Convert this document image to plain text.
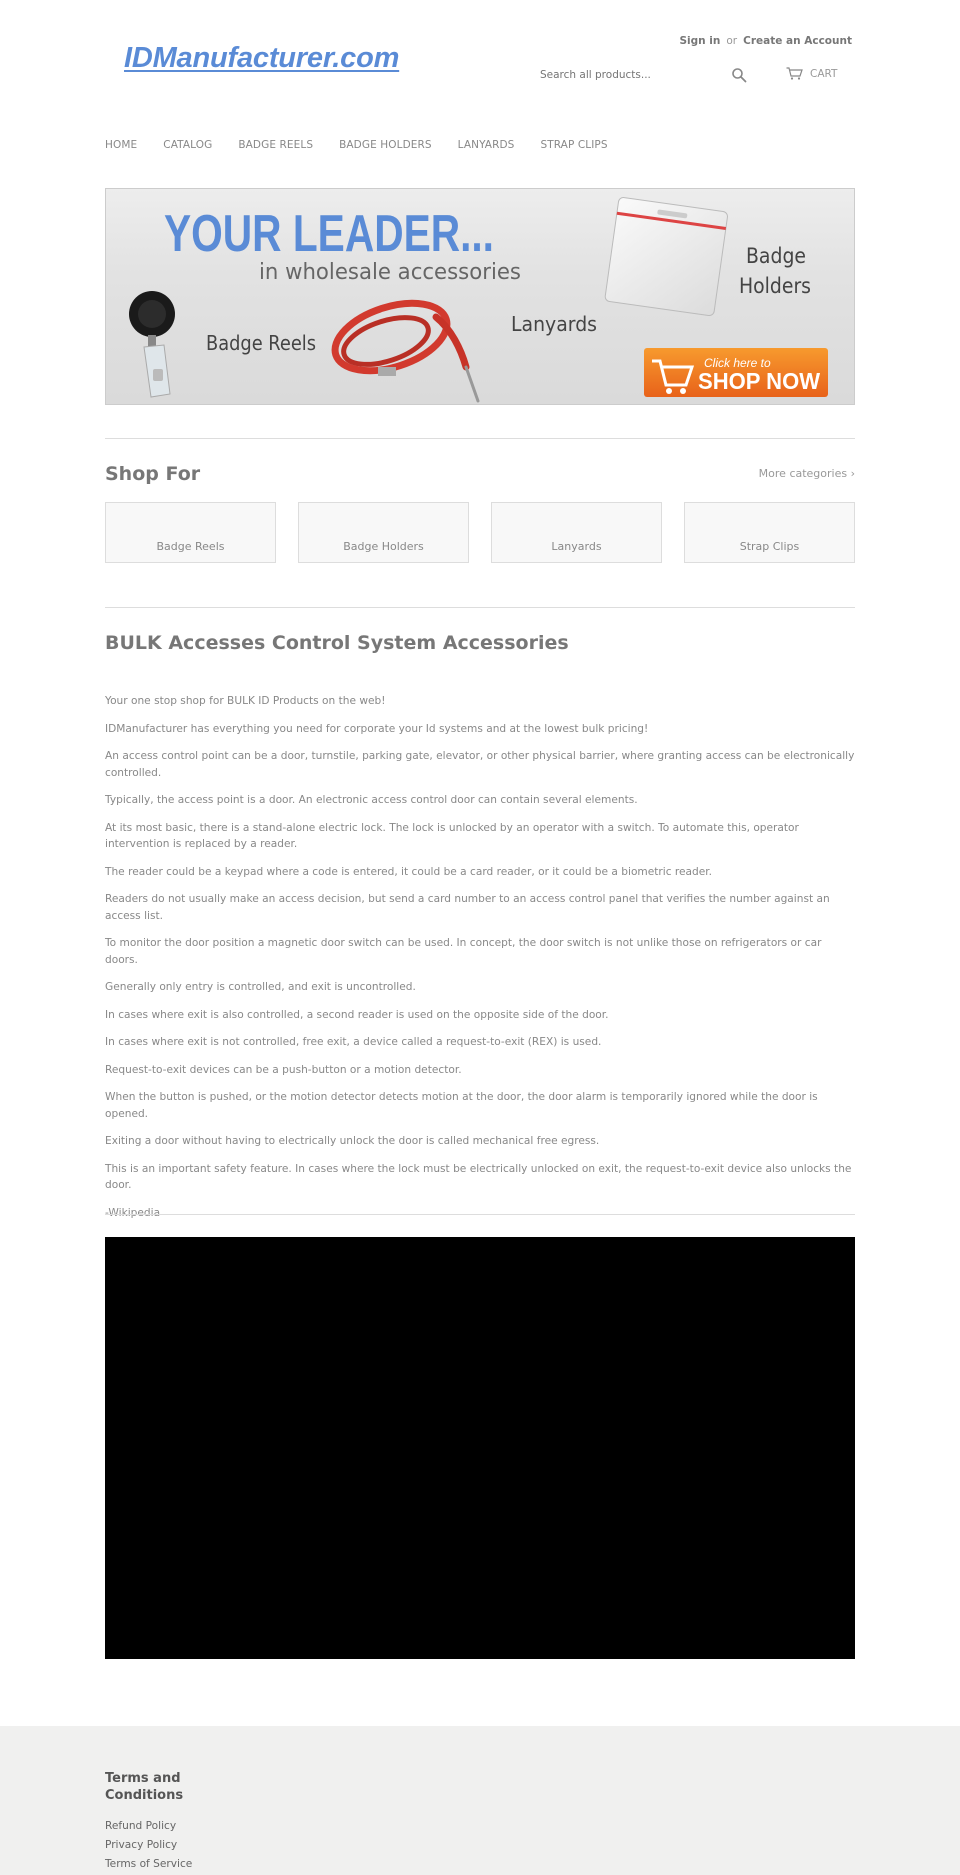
IDManufacturer.com
Sign in or Create an Account
Search all products...
CART
HOME CATALOG BADGE REELS BADGE HOLDERS LANYARDS STRAP CLIPS
YOUR LEADER...
in wholesale accessories
Badge Reels
Lanyards
Badge
Holders
Click here to
SHOP NOW
Shop For	More categories ›
Badge Reels	Badge Holders	Lanyards	Strap Clips
BULK Accesses Control System Accessories

Your one stop shop for BULK ID Products on the web!

IDManufacturer has everything you need for corporate your Id systems and at the lowest bulk pricing!

An access control point can be a door, turnstile, parking gate, elevator, or other physical barrier, where granting access can be electronically controlled.

Typically, the access point is a door. An electronic access control door can contain several elements.

At its most basic, there is a stand-alone electric lock. The lock is unlocked by an operator with a switch. To automate this, operator intervention is replaced by a reader.

The reader could be a keypad where a code is entered, it could be a card reader, or it could be a biometric reader.

Readers do not usually make an access decision, but send a card number to an access control panel that verifies the number against an access list.

To monitor the door position a magnetic door switch can be used. In concept, the door switch is not unlike those on refrigerators or car doors.

Generally only entry is controlled, and exit is uncontrolled.

In cases where exit is also controlled, a second reader is used on the opposite side of the door.

In cases where exit is not controlled, free exit, a device called a request-to-exit (REX) is used.

Request-to-exit devices can be a push-button or a motion detector.

When the button is pushed, or the motion detector detects motion at the door, the door alarm is temporarily ignored while the door is opened.

Exiting a door without having to electrically unlock the door is called mechanical free egress.

This is an important safety feature. In cases where the lock must be electrically unlocked on exit, the request-to-exit device also unlocks the door.

-Wikipedia

Terms and Conditions
Refund Policy
Privacy Policy
Terms of Service
